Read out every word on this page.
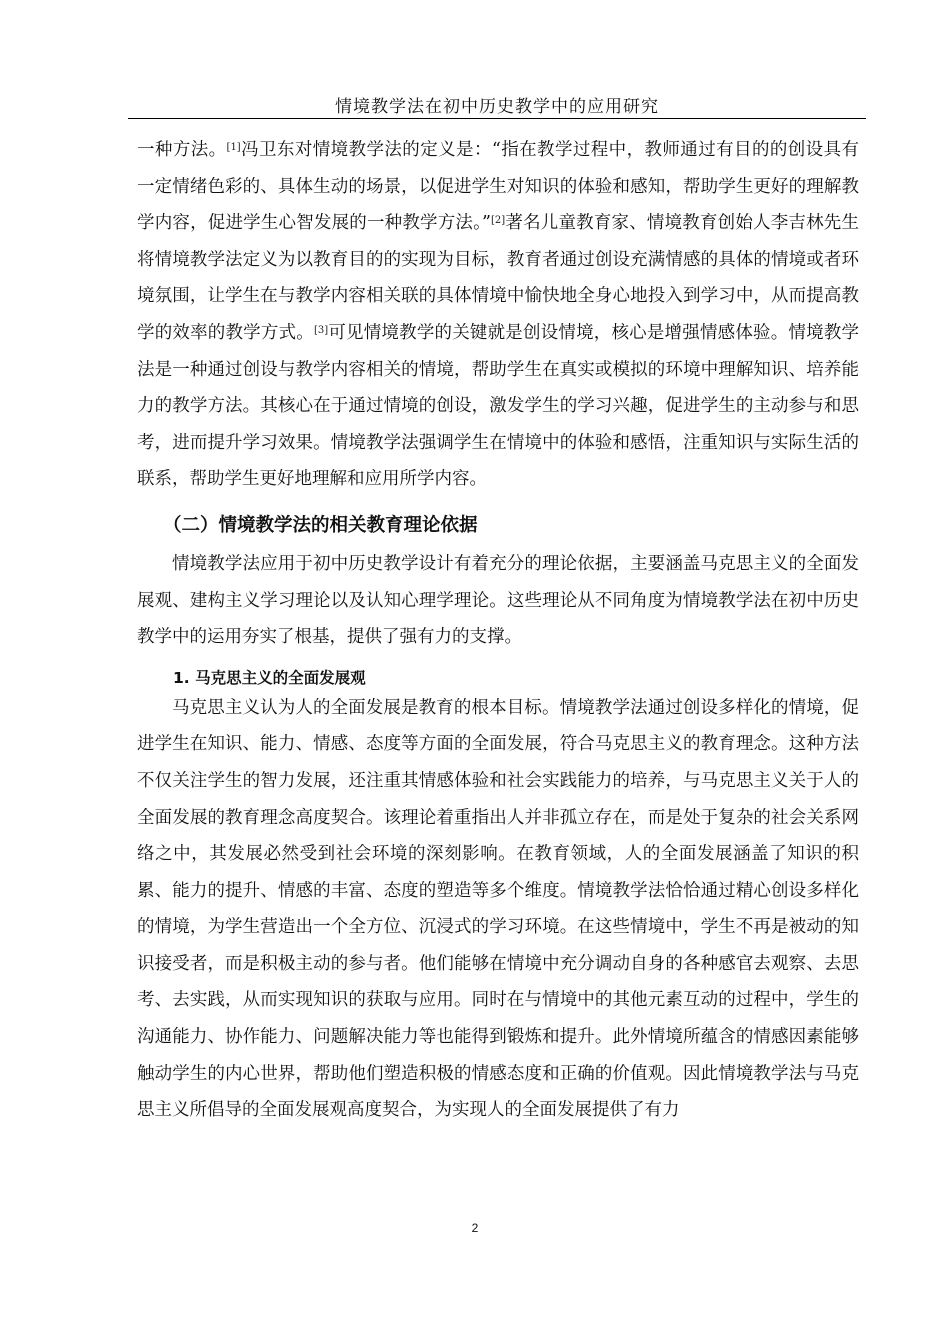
情境教学法在初中历史教学中的应用研究

一种方法。[1]冯卫东对情境教学法的定义是：“指在教学过程中，教师通过有目的的创设具有一定情绪色彩的、具体生动的场景，以促进学生对知识的体验和感知，帮助学生更好的理解教学内容，促进学生心智发展的一种教学方法。”[2]著名儿童教育家、情境教育创始人李吉林先生将情境教学法定义为以教育目的的实现为目标，教育者通过创设充满情感的具体的情境或者环境氛围，让学生在与教学内容相关联的具体情境中愉快地全身心地投入到学习中，从而提高教学的效率的教学方式。[3]可见情境教学的关键就是创设情境，核心是增强情感体验。情境教学法是一种通过创设与教学内容相关的情境，帮助学生在真实或模拟的环境中理解知识、培养能力的教学方法。其核心在于通过情境的创设，激发学生的学习兴趣，促进学生的主动参与和思考，进而提升学习效果。情境教学法强调学生在情境中的体验和感悟，注重知识与实际生活的联系，帮助学生更好地理解和应用所学内容。

（二）情境教学法的相关教育理论依据

情境教学法应用于初中历史教学设计有着充分的理论依据，主要涵盖马克思主义的全面发展观、建构主义学习理论以及认知心理学理论。这些理论从不同角度为情境教学法在初中历史教学中的运用夯实了根基，提供了强有力的支撑。

1. 马克思主义的全面发展观

马克思主义认为人的全面发展是教育的根本目标。情境教学法通过创设多样化的情境，促进学生在知识、能力、情感、态度等方面的全面发展，符合马克思主义的教育理念。这种方法不仅关注学生的智力发展，还注重其情感体验和社会实践能力的培养，与马克思主义关于人的全面发展的教育理念高度契合。该理论着重指出人并非孤立存在，而是处于复杂的社会关系网络之中，其发展必然受到社会环境的深刻影响。在教育领域，人的全面发展涵盖了知识的积累、能力的提升、情感的丰富、态度的塑造等多个维度。情境教学法恰恰通过精心创设多样化的情境，为学生营造出一个全方位、沉浸式的学习环境。在这些情境中，学生不再是被动的知识接受者，而是积极主动的参与者。他们能够在情境中充分调动自身的各种感官去观察、去思考、去实践，从而实现知识的获取与应用。同时在与情境中的其他元素互动的过程中，学生的沟通能力、协作能力、问题解决能力等也能得到锻炼和提升。此外情境所蕴含的情感因素能够触动学生的内心世界，帮助他们塑造积极的情感态度和正确的价值观。因此情境教学法与马克思主义所倡导的全面发展观高度契合，为实现人的全面发展提供了有力

2
